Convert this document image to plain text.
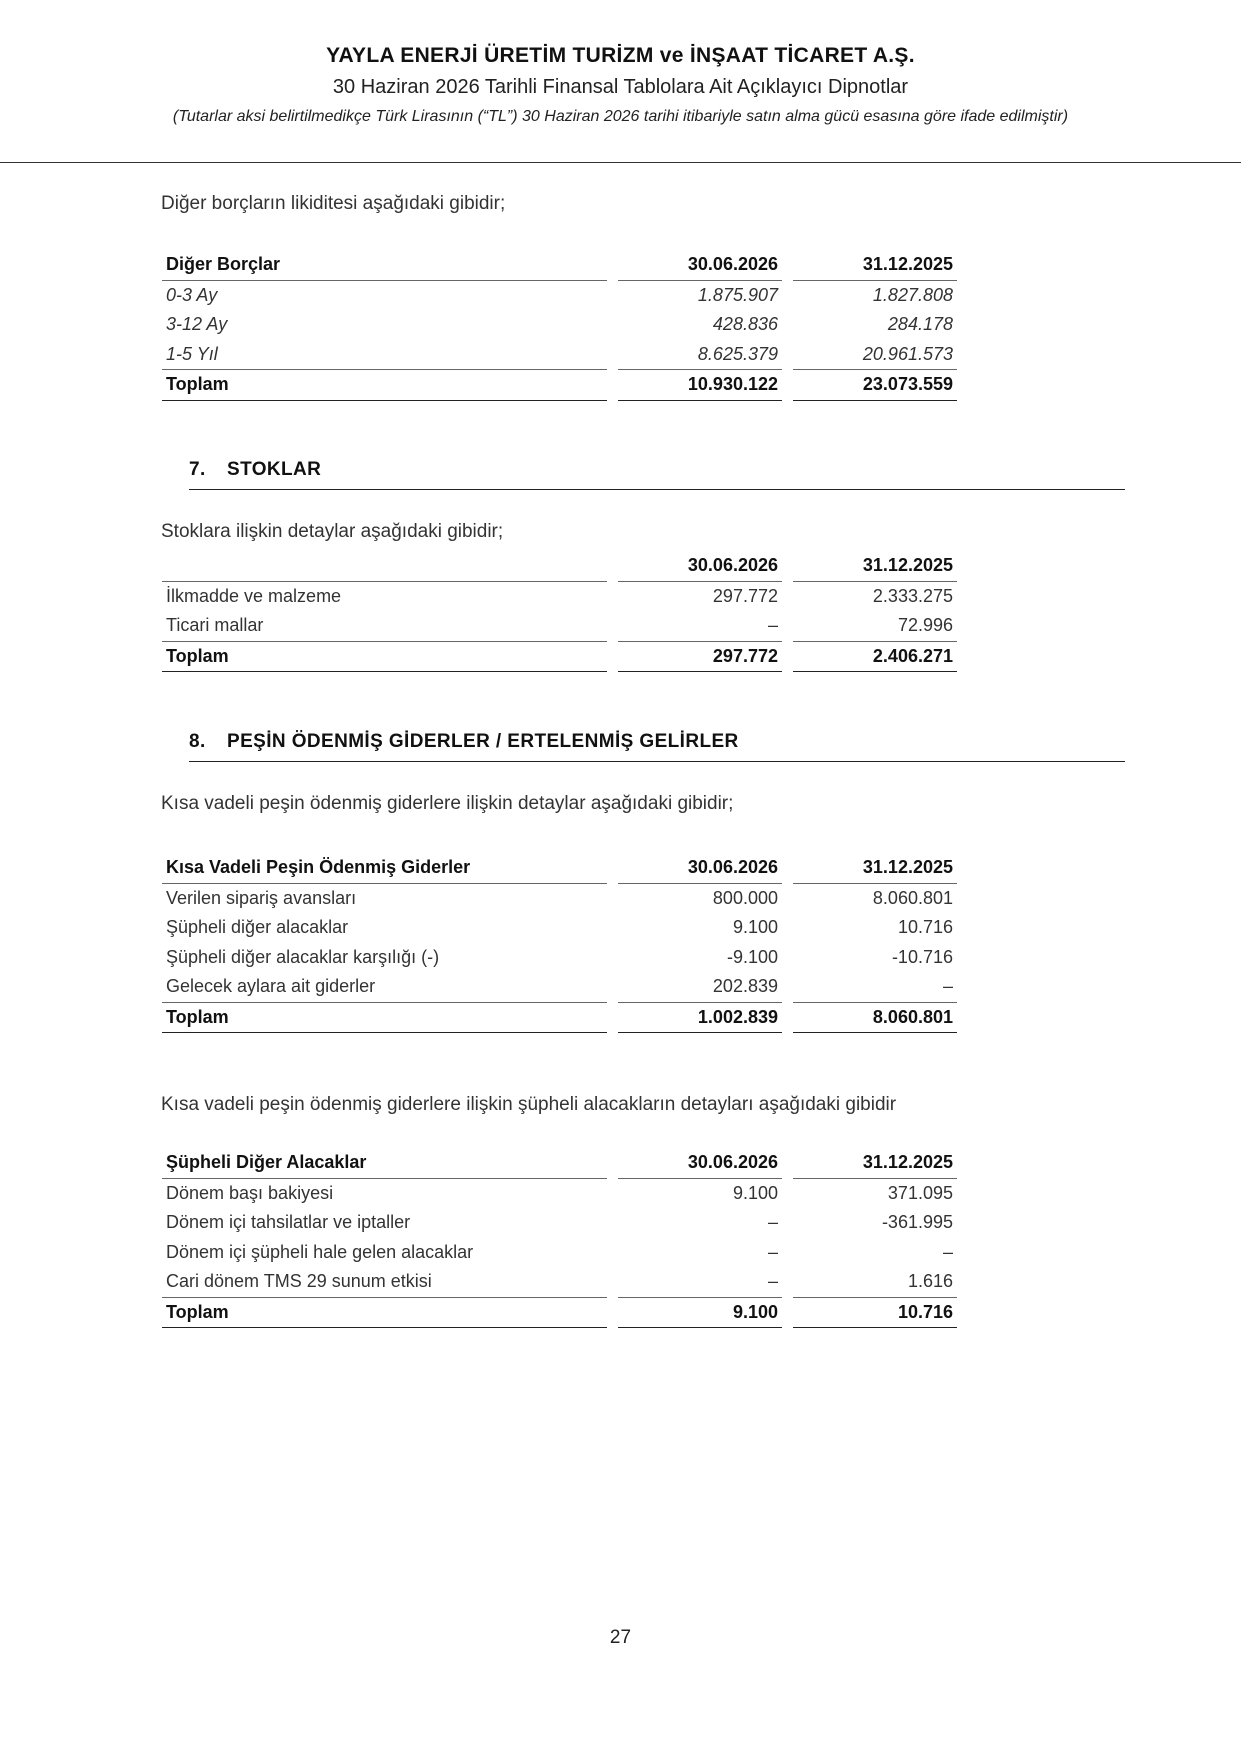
YAYLA ENERJİ ÜRETİM TURİZM ve İNŞAAT TİCARET A.Ş.
30 Haziran 2026 Tarihli Finansal Tablolara Ait Açıklayıcı Dipnotlar
(Tutarlar aksi belirtilmedikçe Türk Lirasının (“TL”) 30 Haziran 2026 tarihi itibariyle satın alma gücü esasına göre ifade edilmiştir)
Diğer borçların likiditesi aşağıdaki gibidir;
Diğer Borçlar		30.06.2026		31.12.2025
0-3 Ay		1.875.907		1.827.808
3-12 Ay		428.836		284.178
1-5 Yıl		8.625.379		20.961.573
Toplam		10.930.122		23.073.559
7. STOKLAR
Stoklara ilişkin detaylar aşağıdaki gibidir;
		30.06.2026		31.12.2025
İlkmadde ve malzeme		297.772		2.333.275
Ticari mallar		–		72.996
Toplam		297.772		2.406.271
8. PEŞİN ÖDENMİŞ GİDERLER / ERTELENMİŞ GELİRLER
Kısa vadeli peşin ödenmiş giderlere ilişkin detaylar aşağıdaki gibidir;
Kısa Vadeli Peşin Ödenmiş Giderler		30.06.2026		31.12.2025
Verilen sipariş avansları		800.000		8.060.801
Şüpheli diğer alacaklar		9.100		10.716
Şüpheli diğer alacaklar karşılığı (-)		-9.100		-10.716
Gelecek aylara ait giderler		202.839		–
Toplam		1.002.839		8.060.801
Kısa vadeli peşin ödenmiş giderlere ilişkin şüpheli alacakların detayları aşağıdaki gibidir
Şüpheli Diğer Alacaklar		30.06.2026		31.12.2025
Dönem başı bakiyesi		9.100		371.095
Dönem içi tahsilatlar ve iptaller		–		-361.995
Dönem içi şüpheli hale gelen alacaklar		–		–
Cari dönem TMS 29 sunum etkisi		–		1.616
Toplam		9.100		10.716
27
